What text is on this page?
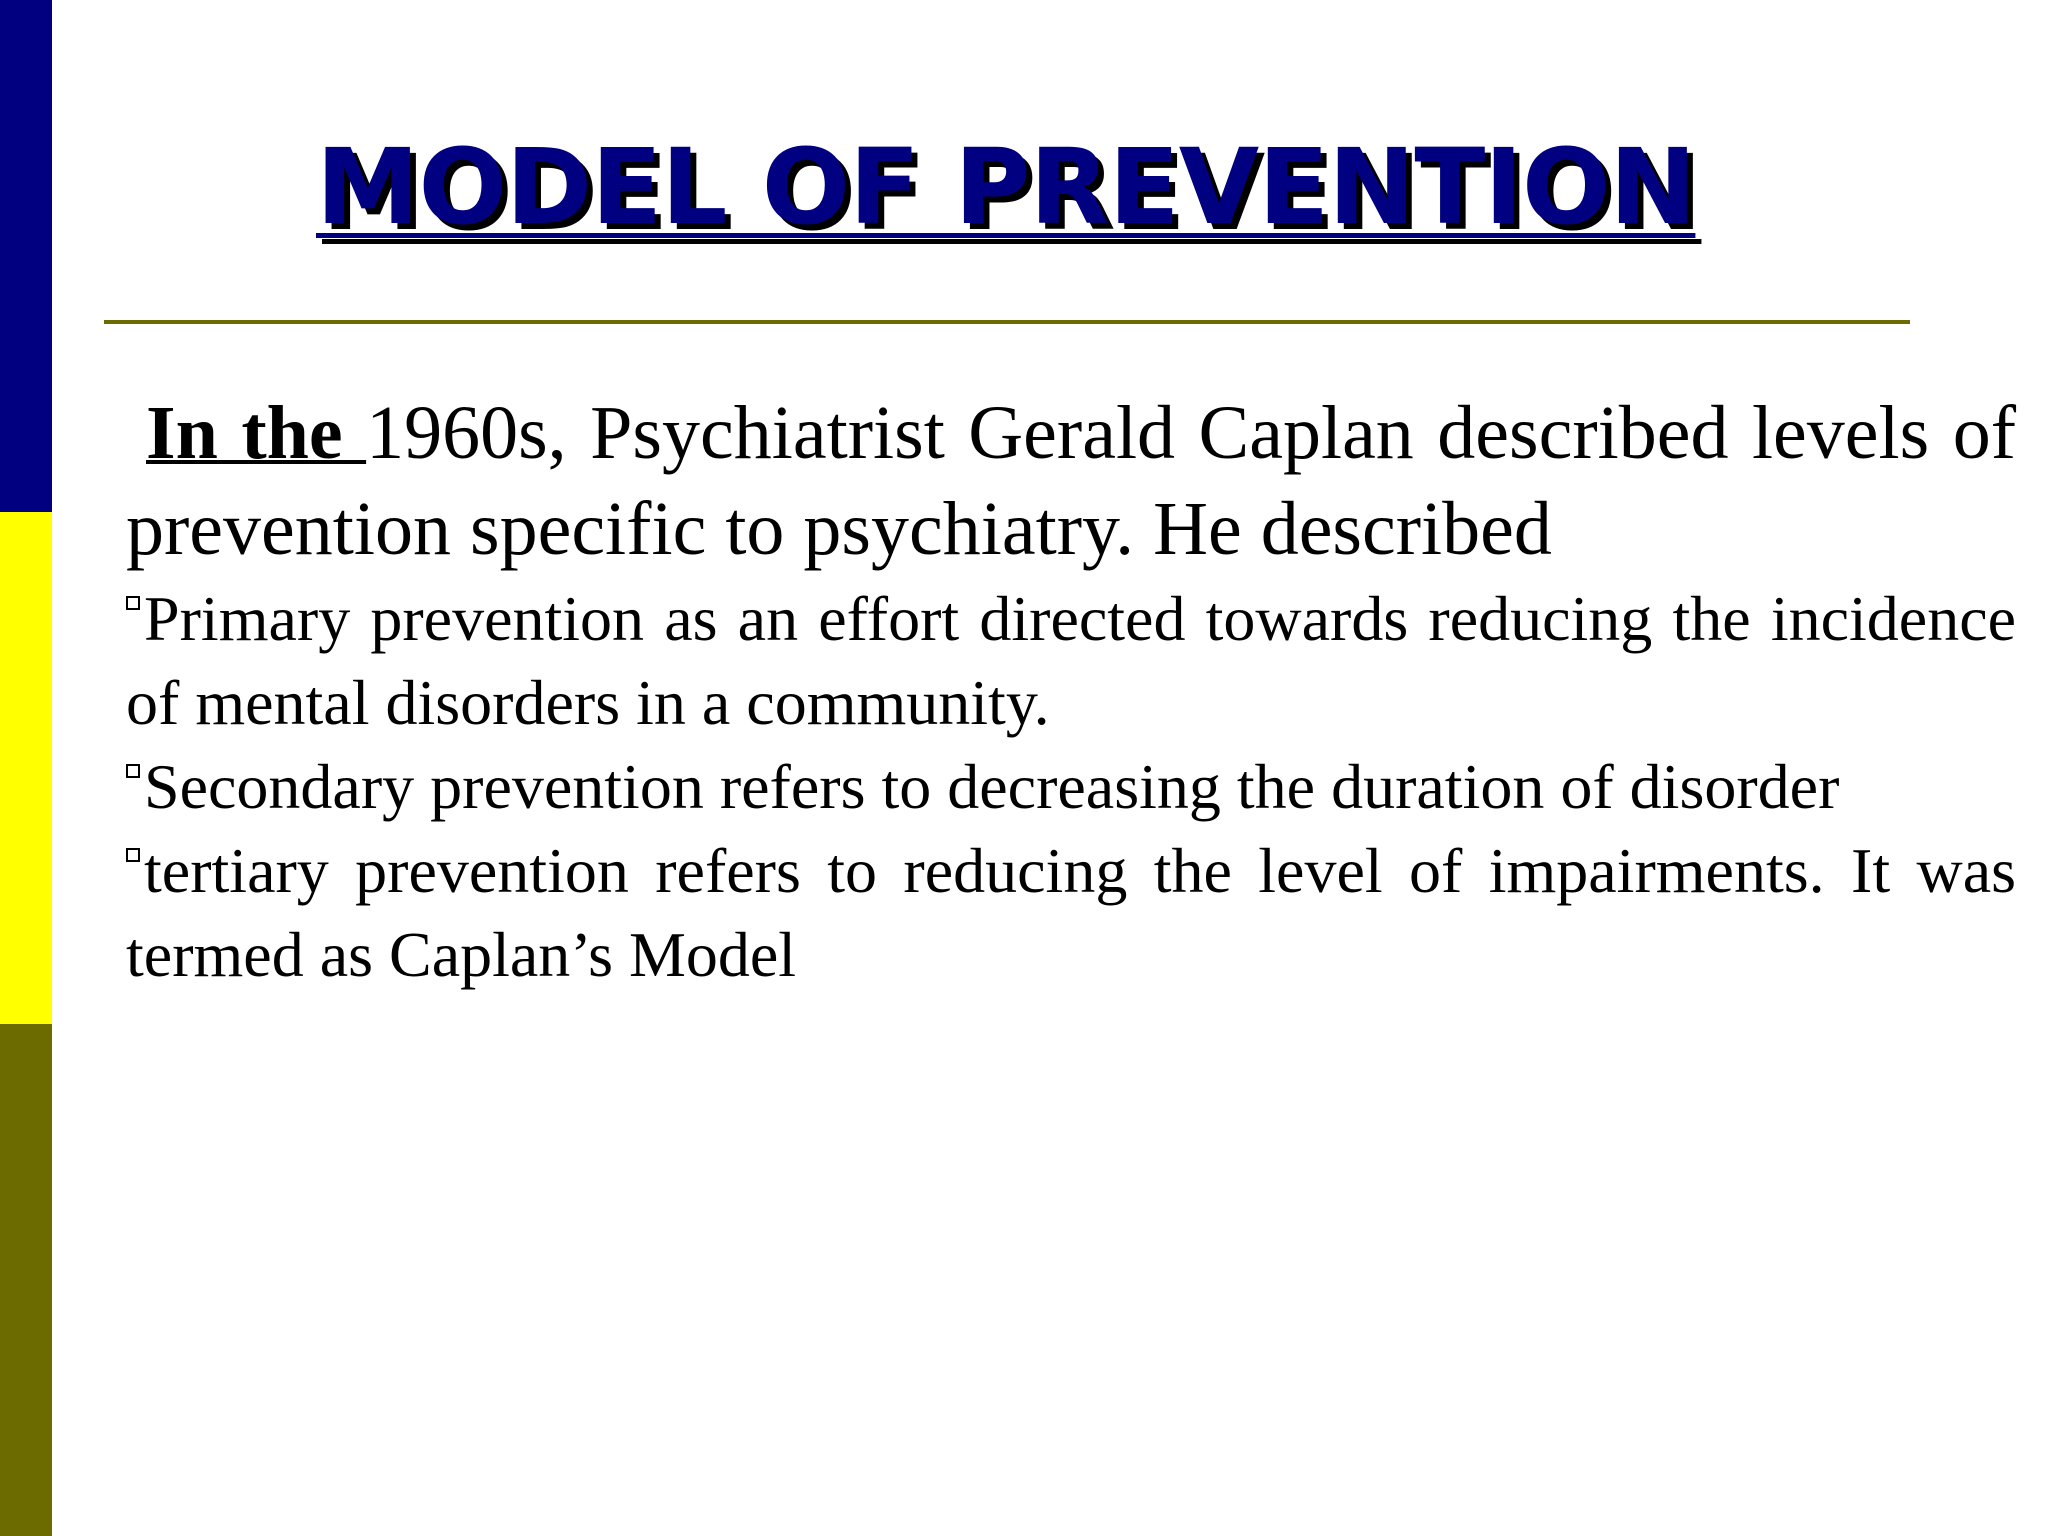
MODEL OF PREVENTION

In the 1960s, Psychiatrist Gerald Caplan described levels of prevention specific to psychiatry. He described

Primary prevention as an effort directed towards reducing the incidence of mental disorders in a community.

Secondary prevention refers to decreasing the duration of disorder

tertiary prevention refers to reducing the level of impairments. It was termed as Caplan’s Model
